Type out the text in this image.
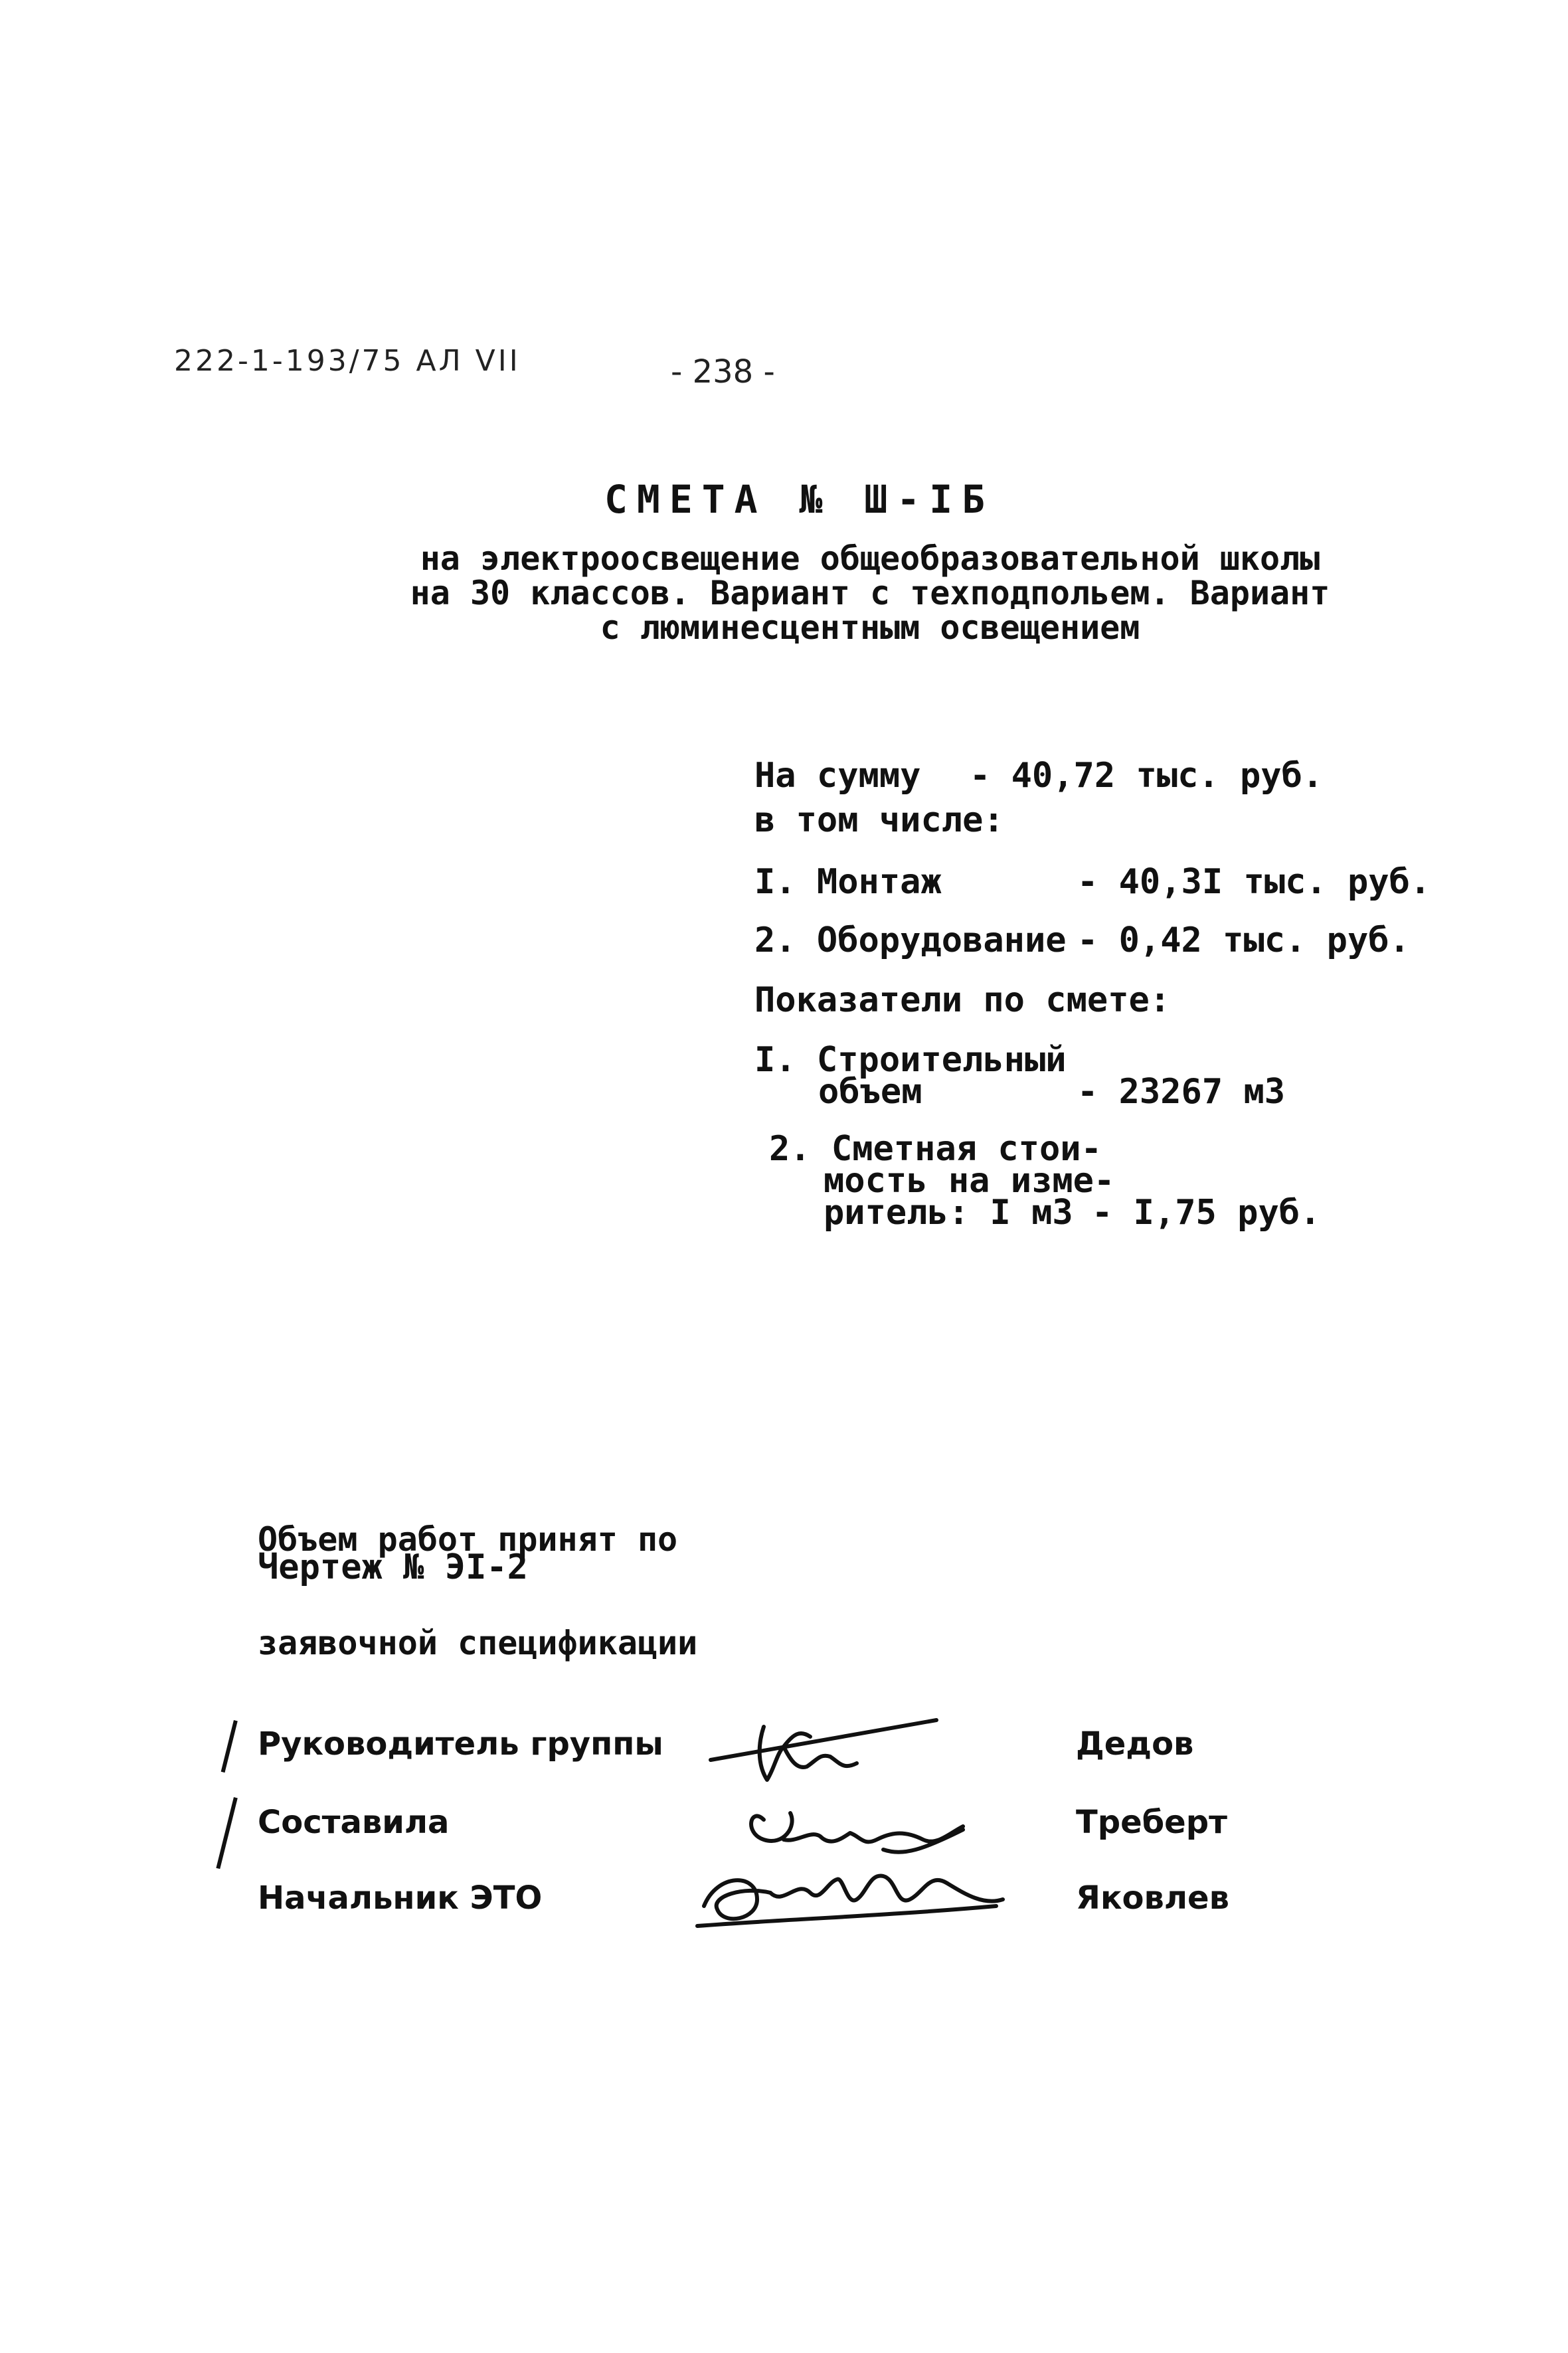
222-1-193/75 АЛ VII	- 238 -
СМЕТА № Ш-IБ
на электроосвещение общеобразовательной школы
на 30 классов. Вариант с техподпольем. Вариант
с люминесцентным освещением
На сумму - 40,72 тыс. руб.
в том числе:
I. Монтаж	- 40,3I тыс. руб.
2. Оборудование - 0,42 тыс. руб.
Показатели по смете:
I. Строительный
объем	- 23267 м3
2. Сметная стои-
мость на изме-
ритель: I м3 - I,75 руб.

Объем работ принят по

заявочной спецификации

Чертеж № ЭI-2
Руководитель группы	Дедов
Составила	Треберт
Начальник ЭТО	Яковлев
